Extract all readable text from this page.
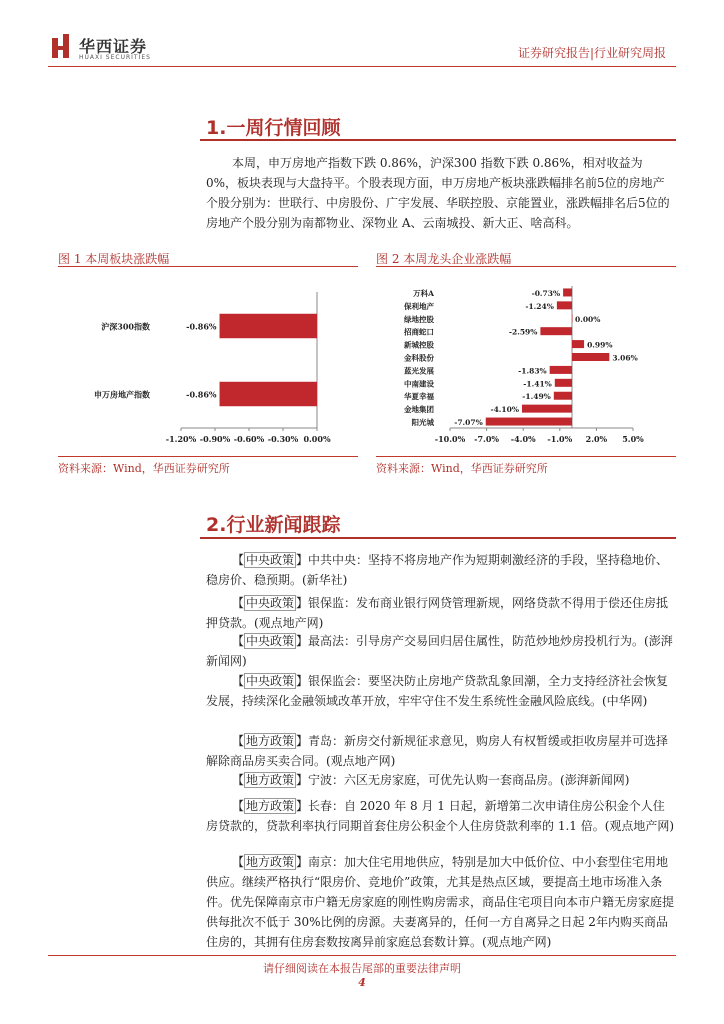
华西证券
HUAXI SECURITIES	证券研究报告|行业研究周报
1.一周行情回顾

本周，申万房地产指数下跌 0.86%，沪深300 指数下跌 0.86%，相对收益为 0%，板块表现与大盘持平。个股表现方面，申万房地产板块涨跌幅排名前5位的房地产个股分别为：世联行、中房股份、广宇发展、华联控股、京能置业，涨跌幅排名后5位的房地产个股分别为南都物业、深物业 A、云南城投、新大正、啥高科。

图 1 本周板块涨跌幅
-1.20% -0.90% -0.60% -0.30% 0.00%
沪深300指数	-0.86%
申万房地产指数	-0.86%
资料来源：Wind，华西证券研究所
图 2 本周龙头企业涨跌幅
-10.0% -7.0% -4.0% -1.0% 2.0% 5.0%
万科A	-0.73%
保利地产	-1.24%
绿地控股	0.00%
招商蛇口	-2.59%
新城控股	0.99%
金科股份	3.06%
蓝光发展	-1.83%
中南建设	-1.41%
华夏幸福	-1.49%
金地集团	-4.10%
阳光城	-7.07%
资料来源：Wind，华西证券研究所
2.行业新闻跟踪

【 中央政策 】中共中央：坚持不将房地产作为短期刺激经济的手段，坚持稳地价、稳房价、稳预期。(新华社)

【 中央政策 】银保监：发布商业银行网贷管理新规，网络贷款不得用于偿还住房抵押贷款。(观点地产网)

【 中央政策 】最高法：引导房产交易回归居住属性，防范炒地炒房投机行为。(澎湃新闻网)

【 中央政策 】银保监会：要坚决防止房地产贷款乱象回潮，全力支持经济社会恢复发展，持续深化金融领域改革开放，牢牢守住不发生系统性金融风险底线。(中华网)

【 地方政策 】青岛：新房交付新规征求意见，购房人有权暂缓或拒收房屋并可选择解除商品房买卖合同。(观点地产网)

【 地方政策 】宁波：六区无房家庭，可优先认购一套商品房。(澎湃新闻网)

【 地方政策 】长春：自 2020 年 8 月 1 日起，新增第二次申请住房公积金个人住房贷款的，贷款利率执行同期首套住房公积金个人住房贷款利率的 1.1 倍。(观点地产网)

【 地方政策 】南京：加大住宅用地供应，特别是加大中低价位、中小套型住宅用地供应。继续严格执行“限房价、竞地价”政策，尤其是热点区域，要提高土地市场准入条件。优先保障南京市户籍无房家庭的刚性购房需求，商品住宅项目向本市户籍无房家庭提供每批次不低于 30%比例的房源。夫妻离异的，任何一方自离异之日起 2年内购买商品住房的，其拥有住房套数按离异前家庭总套数计算。(观点地产网)

请仔细阅读在本报告尾部的重要法律声明
4
